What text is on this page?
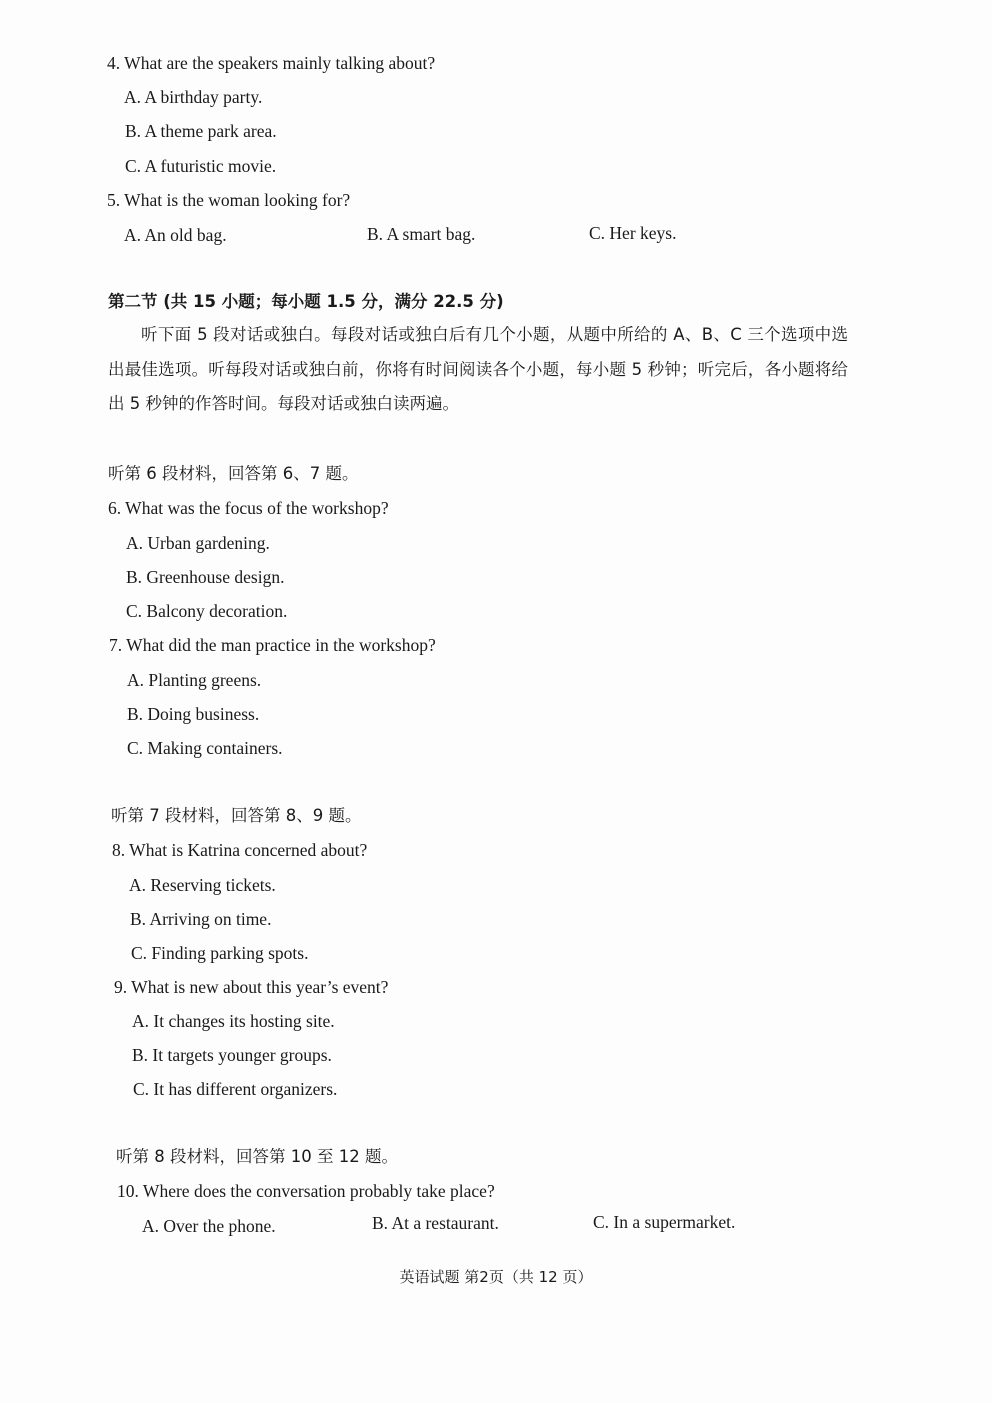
4. What are the speakers mainly talking about?
A. A birthday party.
B. A theme park area.
C. A futuristic movie.
5. What is the woman looking for?
A. An old bag.	B. A smart bag.	C. Her keys.
第二节 (共 15 小题；每小题 1.5 分，满分 22.5 分)
听下面 5 段对话或独白。每段对话或独白后有几个小题，从题中所给的 A、B、C 三个选项中选出最佳选项。听每段对话或独白前，你将有时间阅读各个小题，每小题 5 秒钟；听完后，各小题将给出 5 秒钟的作答时间。每段对话或独白读两遍。
听第 6 段材料，回答第 6、7 题。
6. What was the focus of the workshop?
A. Urban gardening.
B. Greenhouse design.
C. Balcony decoration.
7. What did the man practice in the workshop?
A. Planting greens.
B. Doing business.
C. Making containers.
听第 7 段材料，回答第 8、9 题。
8. What is Katrina concerned about?
A. Reserving tickets.
B. Arriving on time.
C. Finding parking spots.
9. What is new about this year’s event?
A. It changes its hosting site.
B. It targets younger groups.
C. It has different organizers.
听第 8 段材料，回答第 10 至 12 题。
10. Where does the conversation probably take place?
A. Over the phone.	B. At a restaurant.	C. In a supermarket.
英语试题 第2页（共 12 页）
